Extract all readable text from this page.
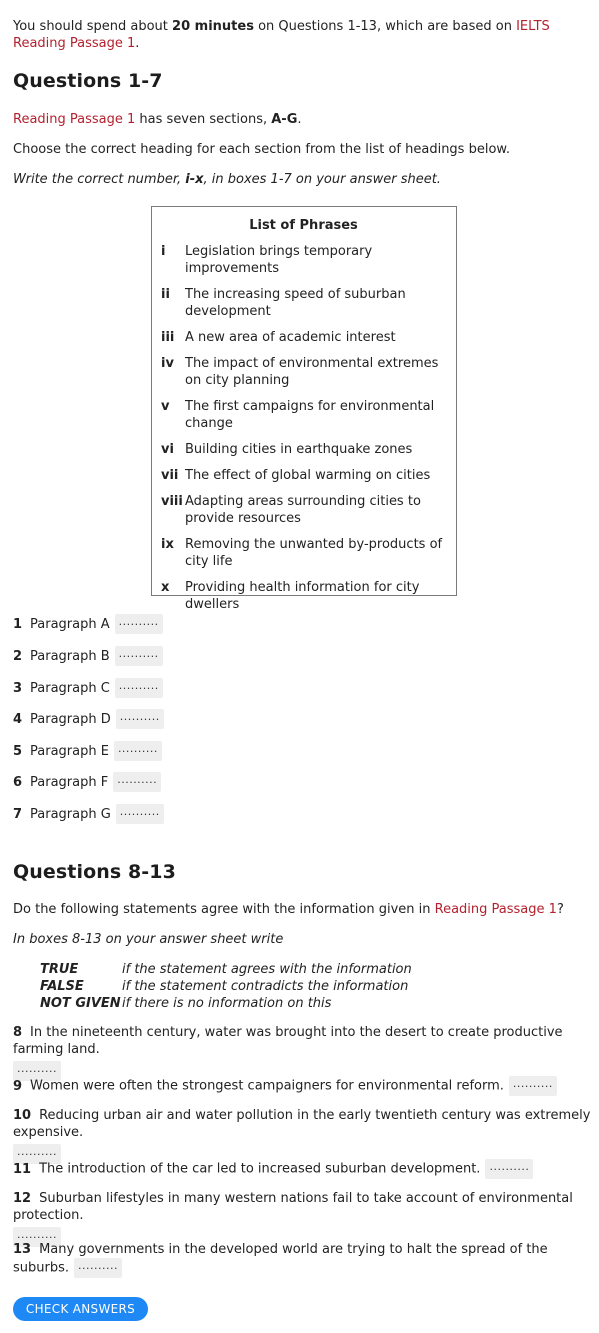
You should spend about 20 minutes on Questions 1-13, which are based on IELTS Reading Passage 1.

Questions 1-7

Reading Passage 1 has seven sections, A-G.

Choose the correct heading for each section from the list of headings below.

Write the correct number, i-x, in boxes 1-7 on your answer sheet.

List of Phrases
i	Legislation brings temporary improvements
ii	The increasing speed of suburban development
iii A new area of academic interest
iv The impact of environmental extremes on city planning
v	The first campaigns for environmental change
vi Building cities in earthquake zones
vii The effect of global warming on cities
viii Adapting areas surrounding cities to provide resources
ix Removing the unwanted by-products of city life
x	Providing health information for city dwellers
1 Paragraph A ..........
2 Paragraph B ..........
3 Paragraph C ..........
4 Paragraph D ..........
5 Paragraph E ..........
6 Paragraph F ..........
7 Paragraph G ..........
Questions 8-13

Do the following statements agree with the information given in Reading Passage 1?

In boxes 8-13 on your answer sheet write

TRUE	if the statement agrees with the information
FALSE	if the statement contradicts the information
NOT GIVEN if there is no information on this
8 In the nineteenth century, water was brought into the desert to create productive farming land.
..........
9 Women were often the strongest campaigners for environmental reform. ..........
10 Reducing urban air and water pollution in the early twentieth century was extremely expensive.
..........
11 The introduction of the car led to increased suburban development. ..........
12 Suburban lifestyles in many western nations fail to take account of environmental protection.
..........
13 Many governments in the developed world are trying to halt the spread of the suburbs. ..........
CHECK ANSWERS
